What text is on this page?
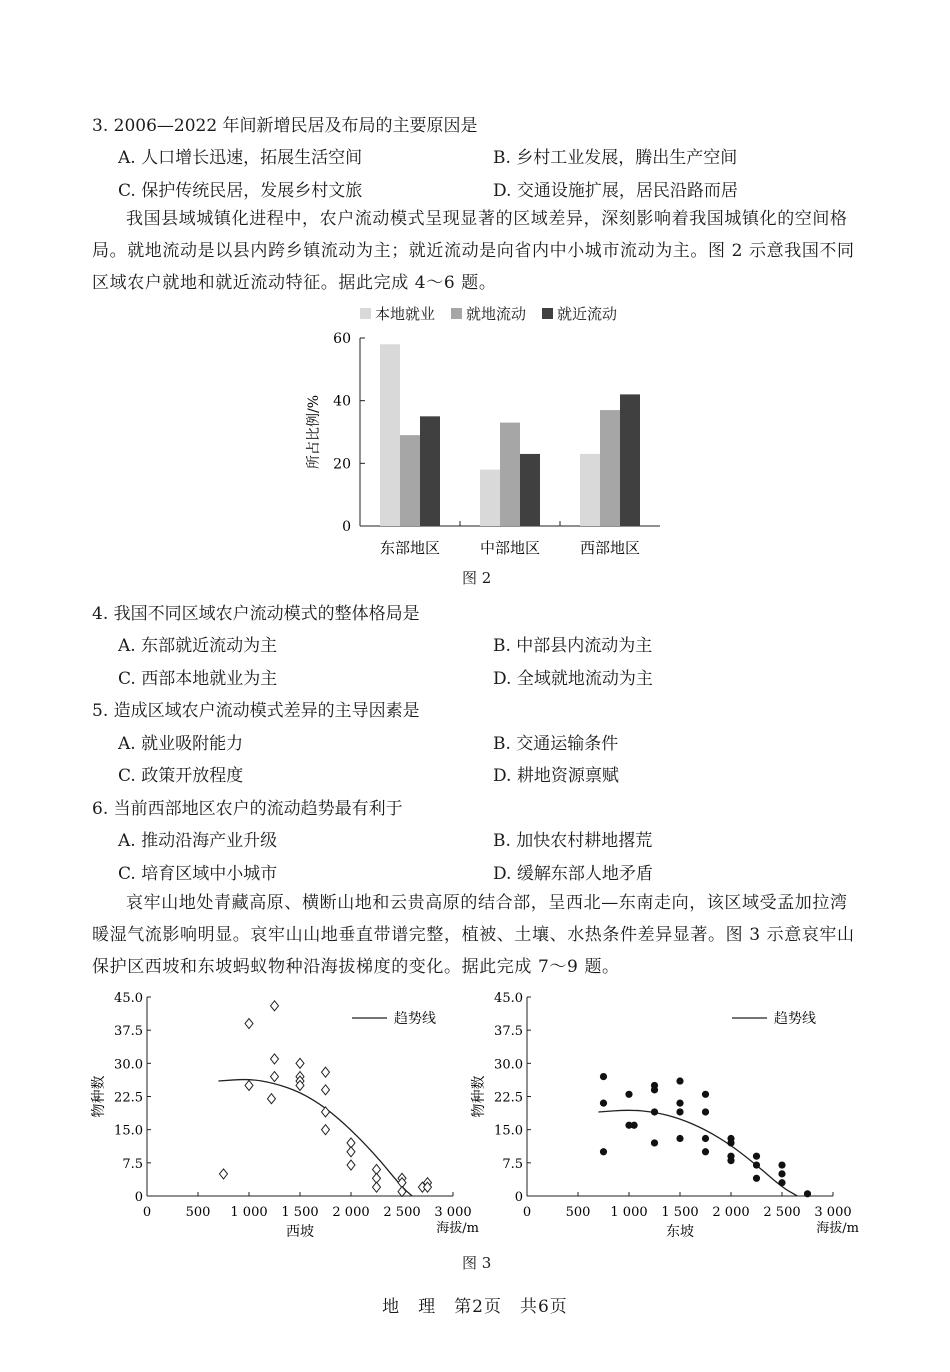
3. 2006—2022 年间新增民居及布局的主要原因是
A. 人口增长迅速，拓展生活空间	B. 乡村工业发展，腾出生产空间
C. 保护传统民居，发展乡村文旅	D. 交通设施扩展，居民沿路而居
我国县域城镇化进程中，农户流动模式呈现显著的区域差异，深刻影响着我国城镇化的空间格局。就地流动是以县内跨乡镇流动为主；就近流动是向省内中小城市流动为主。图 2 示意我国不同区域农户就地和就近流动特征。据此完成 4～6 题。
本地就业 就地流动 就近流动
0
20
40
60
所占比例/%
东部地区	中部地区	西部地区
图 2
4. 我国不同区域农户流动模式的整体格局是
A. 东部就近流动为主	B. 中部县内流动为主
C. 西部本地就业为主	D. 全域就地流动为主
5. 造成区域农户流动模式差异的主导因素是
A. 就业吸附能力	B. 交通运输条件
C. 政策开放程度	D. 耕地资源禀赋
6. 当前西部地区农户的流动趋势最有利于
A. 推动沿海产业升级	B. 加快农村耕地撂荒
C. 培育区域中小城市	D. 缓解东部人地矛盾
哀牢山地处青藏高原、横断山地和云贵高原的结合部，呈西北—东南走向，该区域受孟加拉湾暖湿气流影响明显。哀牢山山地垂直带谱完整，植被、土壤、水热条件差异显著。图 3 示意哀牢山保护区西坡和东坡蚂蚁物种沿海拔梯度的变化。据此完成 7～9 题。
0
7.5
15.0
22.5
30.0
37.5
45.0
0	500 1 000 1 500 2 000 2 500 3 000
西坡	海拔/m
物种数
趋势线
0
7.5
15.0
22.5
30.0
37.5
45.0
0	500 1 000 1 500 2 000 2 500 3 000
东坡	海拔/m
物种数
趋势线
图 3
地　理　第2页　共6页
